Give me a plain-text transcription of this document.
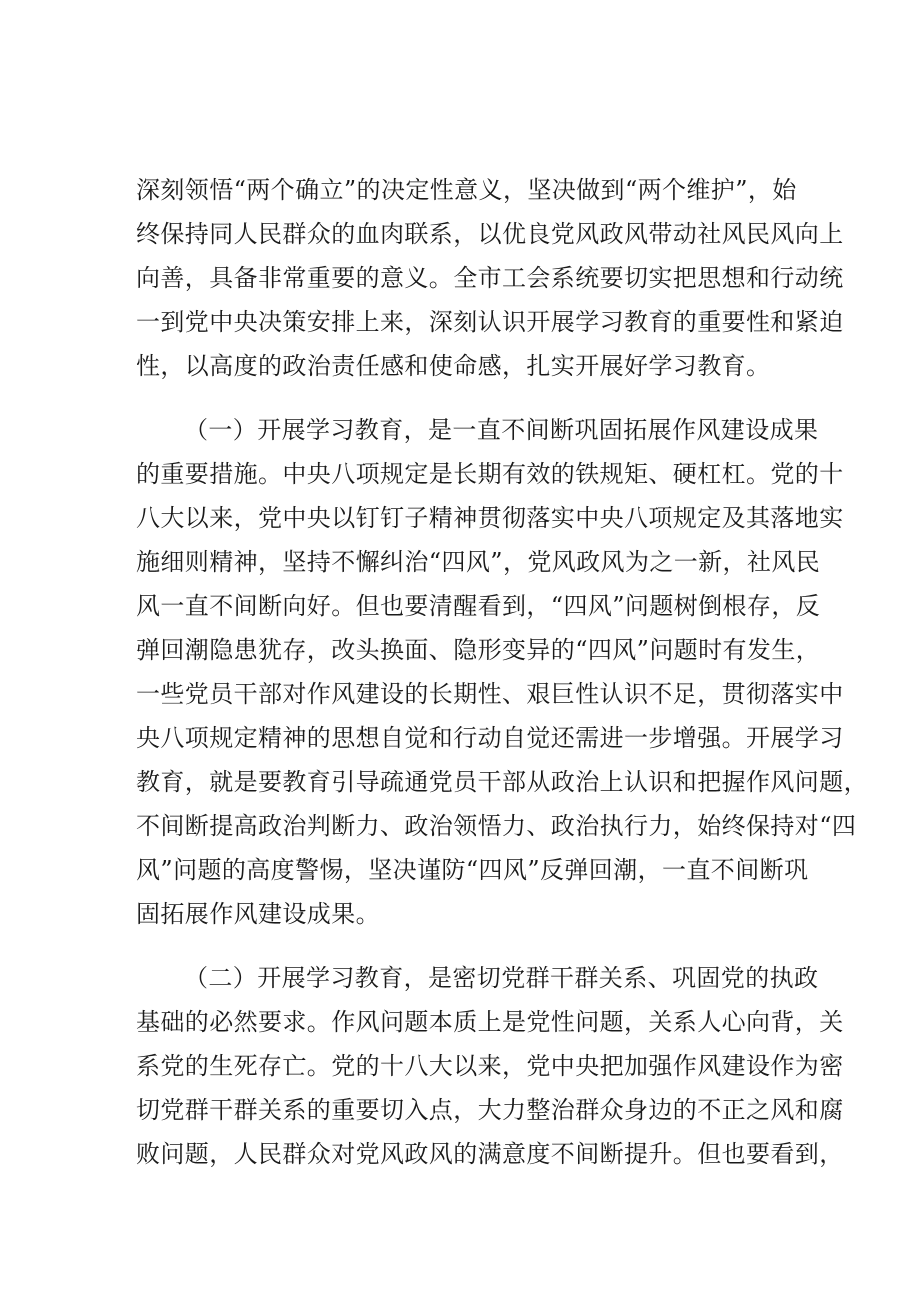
深刻领悟“两个确立”的决定性意义，坚决做到“两个维护”，始
终保持同人民群众的血肉联系，以优良党风政风带动社风民风向上
向善，具备非常重要的意义。全市工会系统要切实把思想和行动统
一到党中央决策安排上来，深刻认识开展学习教育的重要性和紧迫
性，以高度的政治责任感和使命感，扎实开展好学习教育。
（一）开展学习教育，是一直不间断巩固拓展作风建设成果
的重要措施。中央八项规定是长期有效的铁规矩、硬杠杠。党的十
八大以来，党中央以钉钉子精神贯彻落实中央八项规定及其落地实
施细则精神，坚持不懈纠治“四风”，党风政风为之一新，社风民
风一直不间断向好。但也要清醒看到，“四风”问题树倒根存，反
弹回潮隐患犹存，改头换面、隐形变异的“四风”问题时有发生，
一些党员干部对作风建设的长期性、艰巨性认识不足，贯彻落实中
央八项规定精神的思想自觉和行动自觉还需进一步增强。开展学习
教育，就是要教育引导疏通党员干部从政治上认识和把握作风问题，
不间断提高政治判断力、政治领悟力、政治执行力，始终保持对“四
风”问题的高度警惕，坚决谨防“四风”反弹回潮，一直不间断巩
固拓展作风建设成果。
（二）开展学习教育，是密切党群干群关系、巩固党的执政
基础的必然要求。作风问题本质上是党性问题，关系人心向背，关
系党的生死存亡。党的十八大以来，党中央把加强作风建设作为密
切党群干群关系的重要切入点，大力整治群众身边的不正之风和腐
败问题，人民群众对党风政风的满意度不间断提升。但也要看到，
